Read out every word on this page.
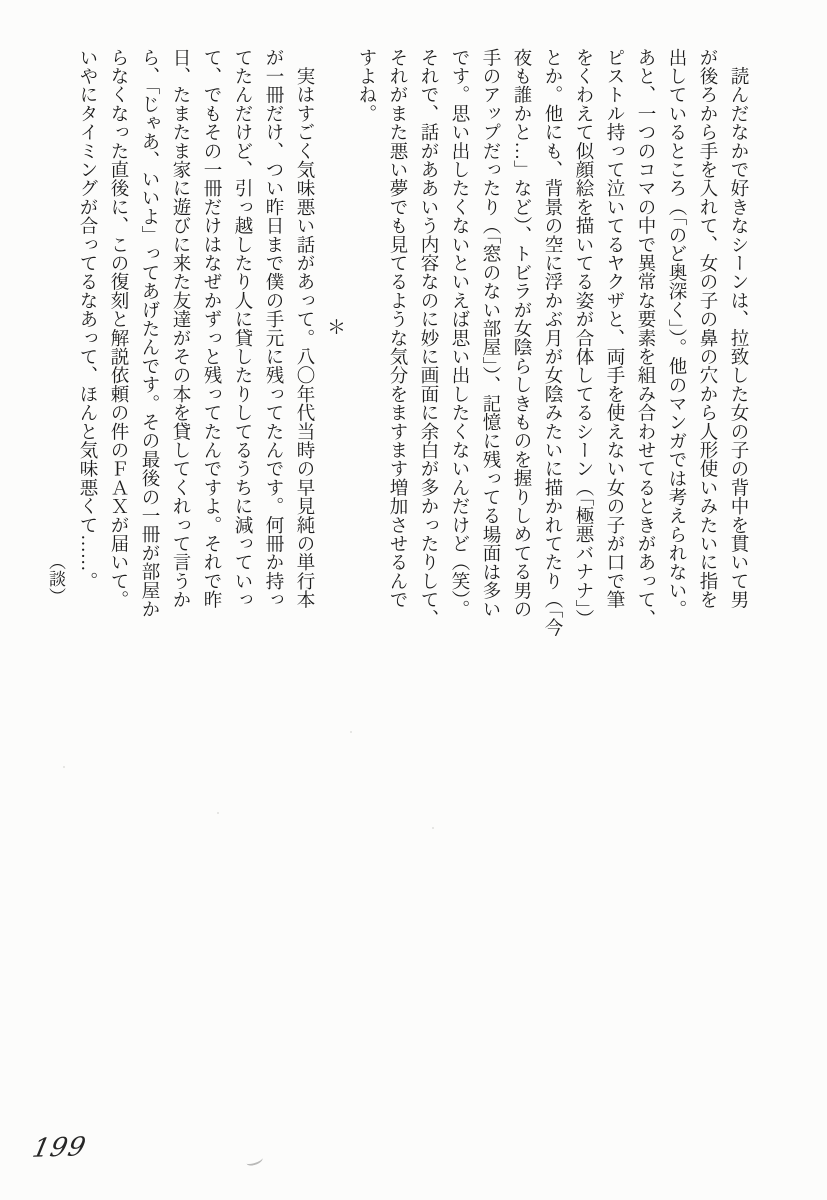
　読んだなかで好きなシーンは、拉致した女の子の背中を貫いて男
が後ろから手を入れて、女の子の鼻の穴から人形使いみたいに指を
出しているところ（「のど奥深く」）。他のマンガでは考えられない。
あと、一つのコマの中で異常な要素を組み合わせてるときがあって、
ピストル持って泣いてるヤクザと、両手を使えない女の子が口で筆
をくわえて似顔絵を描いてる姿が合体してるシーン（「極悪バナナ」）
とか。他にも、背景の空に浮かぶ月が女陰みたいに描かれてたり（「今
夜も誰かと…」など）、トビラが女陰らしきものを握りしめてる男の
手のアップだったり（「窓のない部屋」）、記憶に残ってる場面は多い
です。思い出したくないといえば思い出したくないんだけど（笑）。
それで、話がああいう内容なのに妙に画面に余白が多かったりして、
それがまた悪い夢でも見てるような気分をますます増加させるんで
すよね。
＊
　実はすごく気味悪い話があって。八〇年代当時の早見純の単行本
が一冊だけ、つい昨日まで僕の手元に残ってたんです。何冊か持っ
てたんだけど、引っ越したり人に貸したりしてるうちに減っていっ
て、でもその一冊だけはなぜかずっと残ってたんですよ。それで昨
日、たまたま家に遊びに来た友達がその本を貸してくれって言うか
ら、「じゃあ、いいよ」ってあげたんです。その最後の一冊が部屋か
らなくなった直後に、この復刻と解説依頼の件のＦＡＸが届いて。
いやにタイミングが合ってるなあって、ほんと気味悪くて……。
（談）
199
